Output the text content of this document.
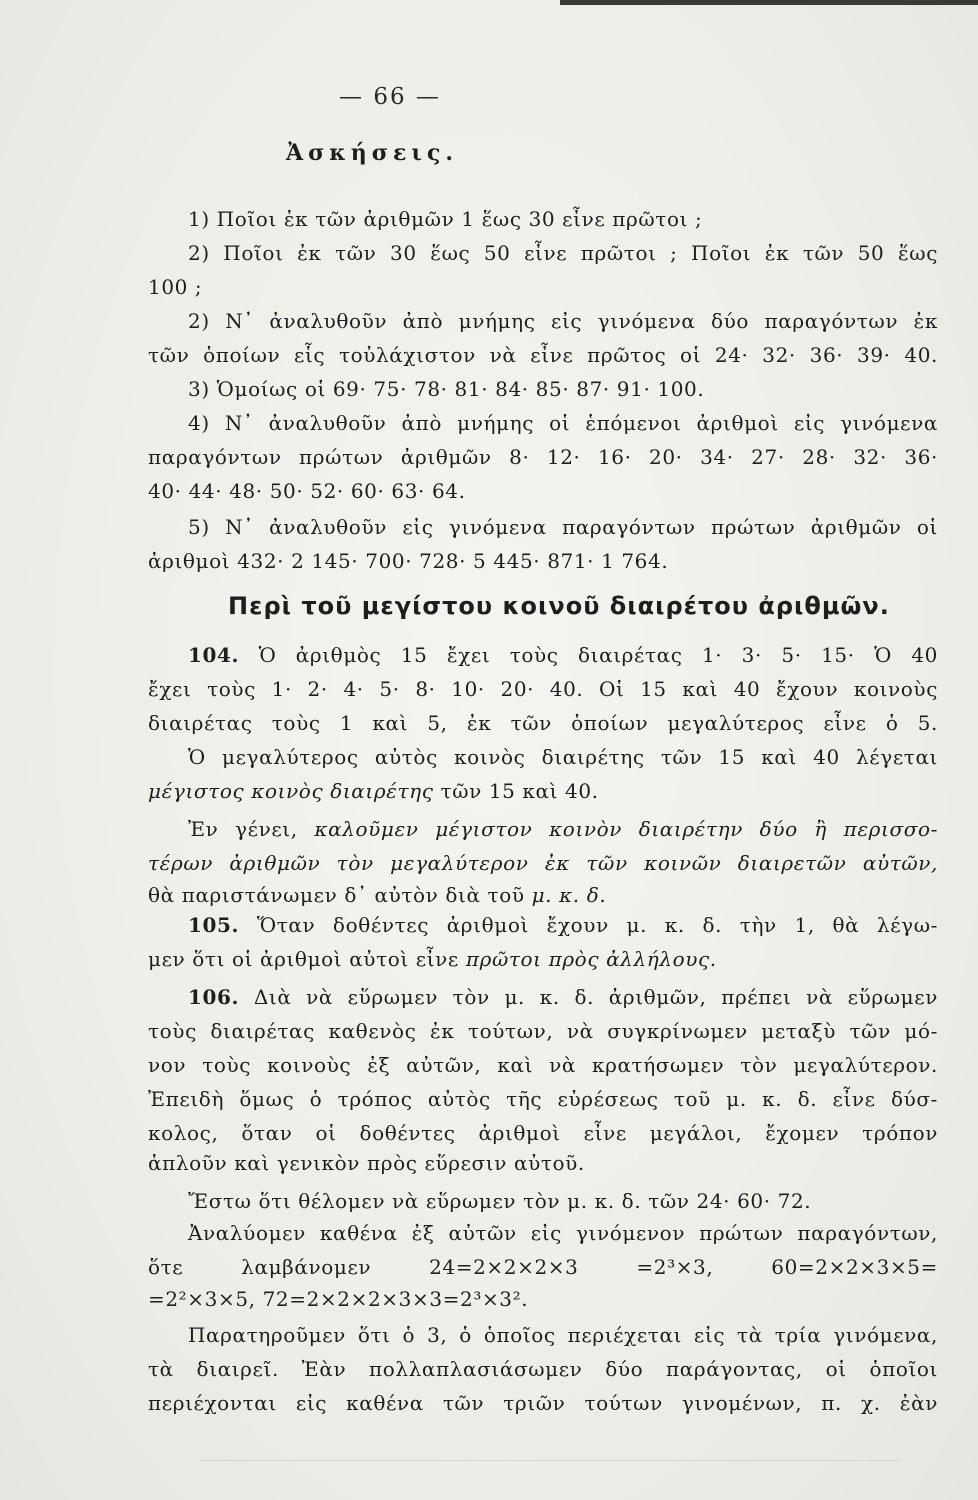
— 66 —
Ἀσκήσεις.
1) Ποῖοι ἐκ τῶν ἀριθμῶν 1 ἕως 30 εἶνε πρῶτοι ;
2) Ποῖοι ἐκ τῶν 30 ἕως 50 εἶνε πρῶτοι ; Ποῖοι ἐκ τῶν 50 ἕως
100 ;
2) Ν᾿ ἀναλυθοῦν ἀπὸ μνήμης εἰς γινόμενα δύο παραγόντων ἐκ
τῶν ὁποίων εἷς τοὐλάχιστον νὰ εἶνε πρῶτος οἱ 24· 32· 36· 39· 40.
3) Ὁμοίως οἱ 69· 75· 78· 81· 84· 85· 87· 91· 100.
4) Ν᾿ ἀναλυθοῦν ἀπὸ μνήμης οἱ ἑπόμενοι ἀριθμοὶ εἰς γινόμενα
παραγόντων πρώτων ἀριθμῶν 8· 12· 16· 20· 34· 27· 28· 32· 36·
40· 44· 48· 50· 52· 60· 63· 64.
5) Ν᾿ ἀναλυθοῦν εἰς γινόμενα παραγόντων πρώτων ἀριθμῶν οἱ
ἀριθμοὶ 432· 2 145· 700· 728· 5 445· 871· 1 764.
Περὶ τοῦ μεγίστου κοινοῦ διαιρέτου ἀριθμῶν.
104. Ὁ ἀριθμὸς 15 ἔχει τοὺς διαιρέτας 1· 3· 5· 15· Ὁ 40
ἔχει τοὺς 1· 2· 4· 5· 8· 10· 20· 40. Οἱ 15 καὶ 40 ἔχουν κοινοὺς
διαιρέτας τοὺς 1 καὶ 5, ἐκ τῶν ὁποίων μεγαλύτερος εἶνε ὁ 5.
Ὁ μεγαλύτερος αὐτὸς κοινὸς διαιρέτης τῶν 15 καὶ 40 λέγεται
μέγιστος κοινὸς διαιρέτης τῶν 15 καὶ 40.
Ἐν γένει, καλοῦμεν μέγιστον κοινὸν διαιρέτην δύο ἢ περισσο-
τέρων ἀριθμῶν τὸν μεγαλύτερον ἐκ τῶν κοινῶν διαιρετῶν αὐτῶν,
θὰ παριστάνωμεν δ᾿ αὐτὸν διὰ τοῦ μ. κ. δ.
105. Ὅταν δοθέντες ἀριθμοὶ ἔχουν μ. κ. δ. τὴν 1, θὰ λέγω-
μεν ὅτι οἱ ἀριθμοὶ αὐτοὶ εἶνε πρῶτοι πρὸς ἀλλήλους.
106. Διὰ νὰ εὕρωμεν τὸν μ. κ. δ. ἀριθμῶν, πρέπει νὰ εὕρωμεν
τοὺς διαιρέτας καθενὸς ἐκ τούτων, νὰ συγκρίνωμεν μεταξὺ τῶν μό-
νον τοὺς κοινοὺς ἐξ αὐτῶν, καὶ νὰ κρατήσωμεν τὸν μεγαλύτερον.
Ἐπειδὴ ὅμως ὁ τρόπος αὐτὸς τῆς εὑρέσεως τοῦ μ. κ. δ. εἶνε δύσ-
κολος, ὅταν οἱ δοθέντες ἀριθμοὶ εἶνε μεγάλοι, ἔχομεν τρόπον
ἁπλοῦν καὶ γενικὸν πρὸς εὕρεσιν αὐτοῦ.
Ἔστω ὅτι θέλομεν νὰ εὕρωμεν τὸν μ. κ. δ. τῶν 24· 60· 72.
Ἀναλύομεν καθένα ἐξ αὐτῶν εἰς γινόμενον πρώτων παραγόντων,
ὅτε λαμβάνομεν 24=2×2×2×3 =2³×3, 60=2×2×3×5=
=2²×3×5, 72=2×2×2×3×3=2³×3².
Παρατηροῦμεν ὅτι ὁ 3, ὁ ὁποῖος περιέχεται εἰς τὰ τρία γινόμενα,
τὰ διαιρεῖ. Ἐὰν πολλαπλασιάσωμεν δύο παράγοντας, οἱ ὁποῖοι
περιέχονται εἰς καθένα τῶν τριῶν τούτων γινομένων, π. χ. ἐὰν
